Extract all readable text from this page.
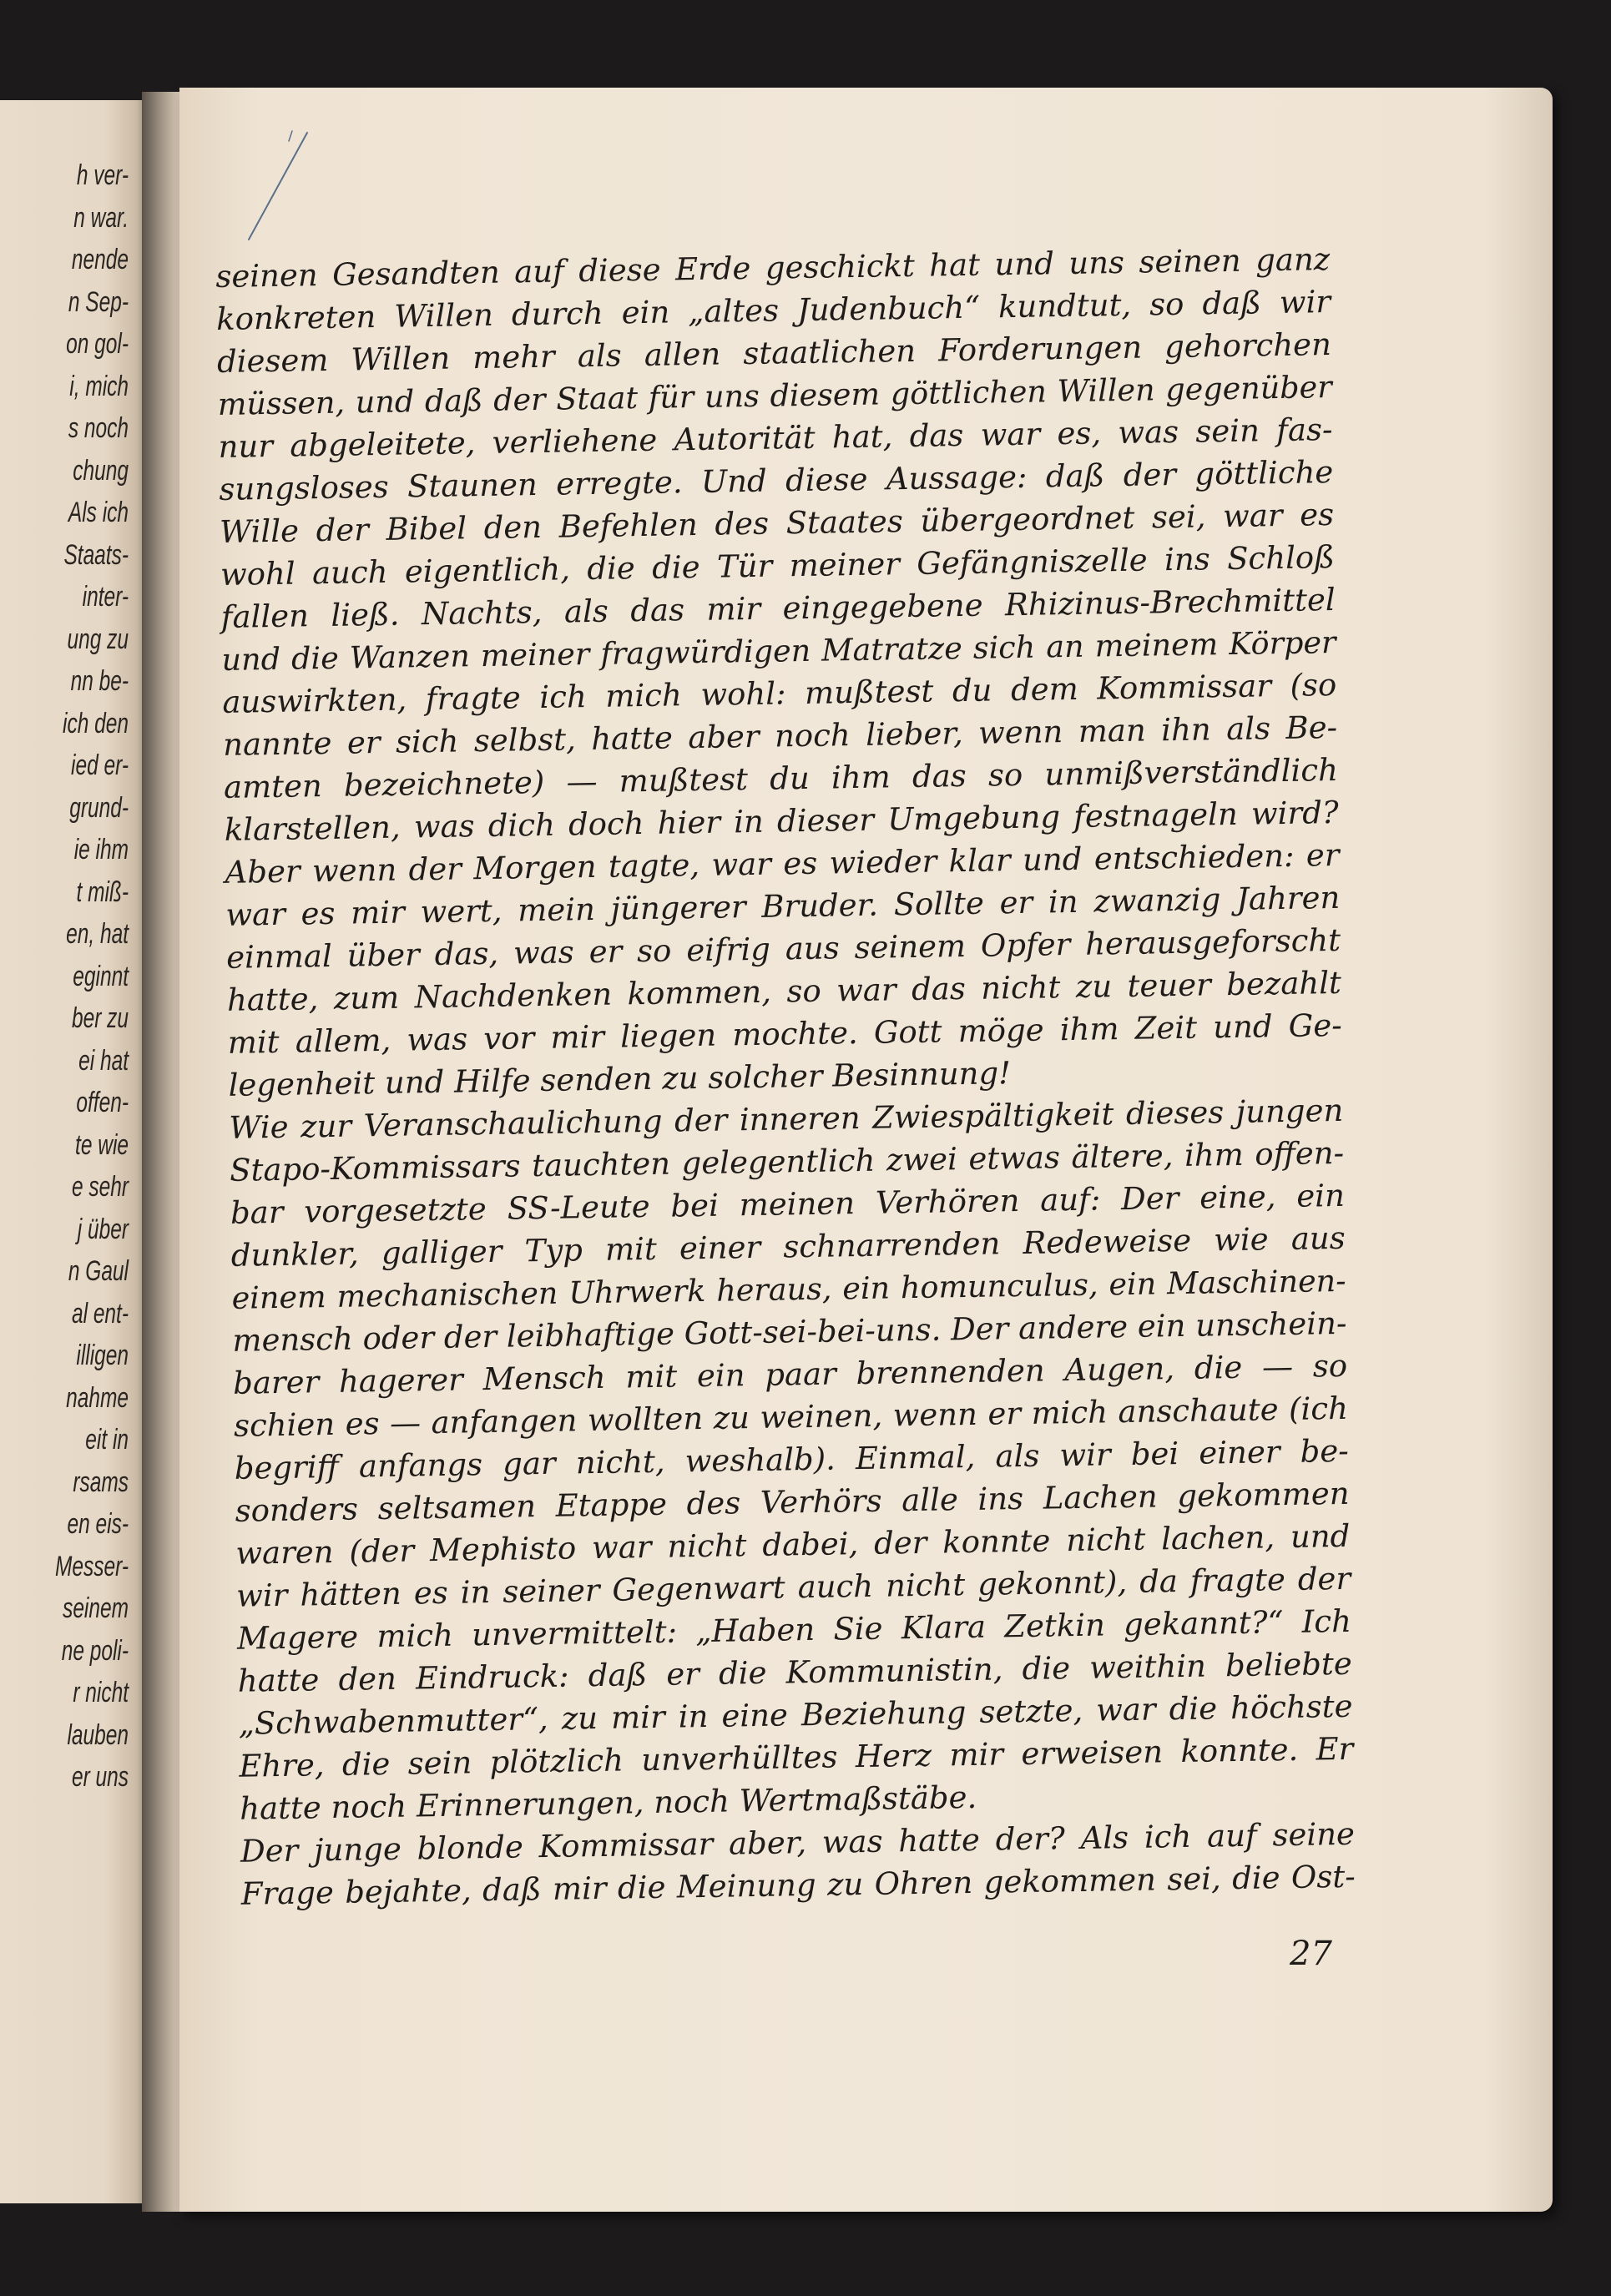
h ver-
n war.
nende
n Sep-
on gol-
i, mich
s noch
chung
Als ich
Staats-
inter-
ung zu
nn be-
ich den
ied er-
grund-
ie ihm
t miß-
en, hat
eginnt
ber zu
ei hat
offen-
te wie
e sehr
j über
n Gaul
al ent-
illigen
nahme
eit in
rsams
en eis-
Messer-
seinem
ne poli-
r nicht
lauben
er uns
seinen Gesandten auf diese Erde geschickt hat und uns seinen ganz
konkreten Willen durch ein „altes Judenbuch“ kundtut, so daß wir
diesem Willen mehr als allen staatlichen Forderungen gehorchen
müssen, und daß der Staat für uns diesem göttlichen Willen gegenüber
nur abgeleitete, verliehene Autorität hat, das war es, was sein fas-
sungsloses Staunen erregte. Und diese Aussage: daß der göttliche
Wille der Bibel den Befehlen des Staates übergeordnet sei, war es
wohl auch eigentlich, die die Tür meiner Gefängniszelle ins Schloß
fallen ließ. Nachts, als das mir eingegebene Rhizinus-Brechmittel
und die Wanzen meiner fragwürdigen Matratze sich an meinem Körper
auswirkten, fragte ich mich wohl: mußtest du dem Kommissar (so
nannte er sich selbst, hatte aber noch lieber, wenn man ihn als Be-
amten bezeichnete) — mußtest du ihm das so unmißverständlich
klarstellen, was dich doch hier in dieser Umgebung festnageln wird?
Aber wenn der Morgen tagte, war es wieder klar und entschieden: er
war es mir wert, mein jüngerer Bruder. Sollte er in zwanzig Jahren
einmal über das, was er so eifrig aus seinem Opfer herausgeforscht
hatte, zum Nachdenken kommen, so war das nicht zu teuer bezahlt
mit allem, was vor mir liegen mochte. Gott möge ihm Zeit und Ge-
legenheit und Hilfe senden zu solcher Besinnung!
Wie zur Veranschaulichung der inneren Zwiespältigkeit dieses jungen
Stapo-Kommissars tauchten gelegentlich zwei etwas ältere, ihm offen-
bar vorgesetzte SS-Leute bei meinen Verhören auf: Der eine, ein
dunkler, galliger Typ mit einer schnarrenden Redeweise wie aus
einem mechanischen Uhrwerk heraus, ein homunculus, ein Maschinen-
mensch oder der leibhaftige Gott-sei-bei-uns. Der andere ein unschein-
barer hagerer Mensch mit ein paar brennenden Augen, die — so
schien es — anfangen wollten zu weinen, wenn er mich anschaute (ich
begriff anfangs gar nicht, weshalb). Einmal, als wir bei einer be-
sonders seltsamen Etappe des Verhörs alle ins Lachen gekommen
waren (der Mephisto war nicht dabei, der konnte nicht lachen, und
wir hätten es in seiner Gegenwart auch nicht gekonnt), da fragte der
Magere mich unvermittelt: „Haben Sie Klara Zetkin gekannt?“ Ich
hatte den Eindruck: daß er die Kommunistin, die weithin beliebte
„Schwabenmutter“, zu mir in eine Beziehung setzte, war die höchste
Ehre, die sein plötzlich unverhülltes Herz mir erweisen konnte. Er
hatte noch Erinnerungen, noch Wertmaßstäbe.
Der junge blonde Kommissar aber, was hatte der? Als ich auf seine
Frage bejahte, daß mir die Meinung zu Ohren gekommen sei, die Ost-
27
